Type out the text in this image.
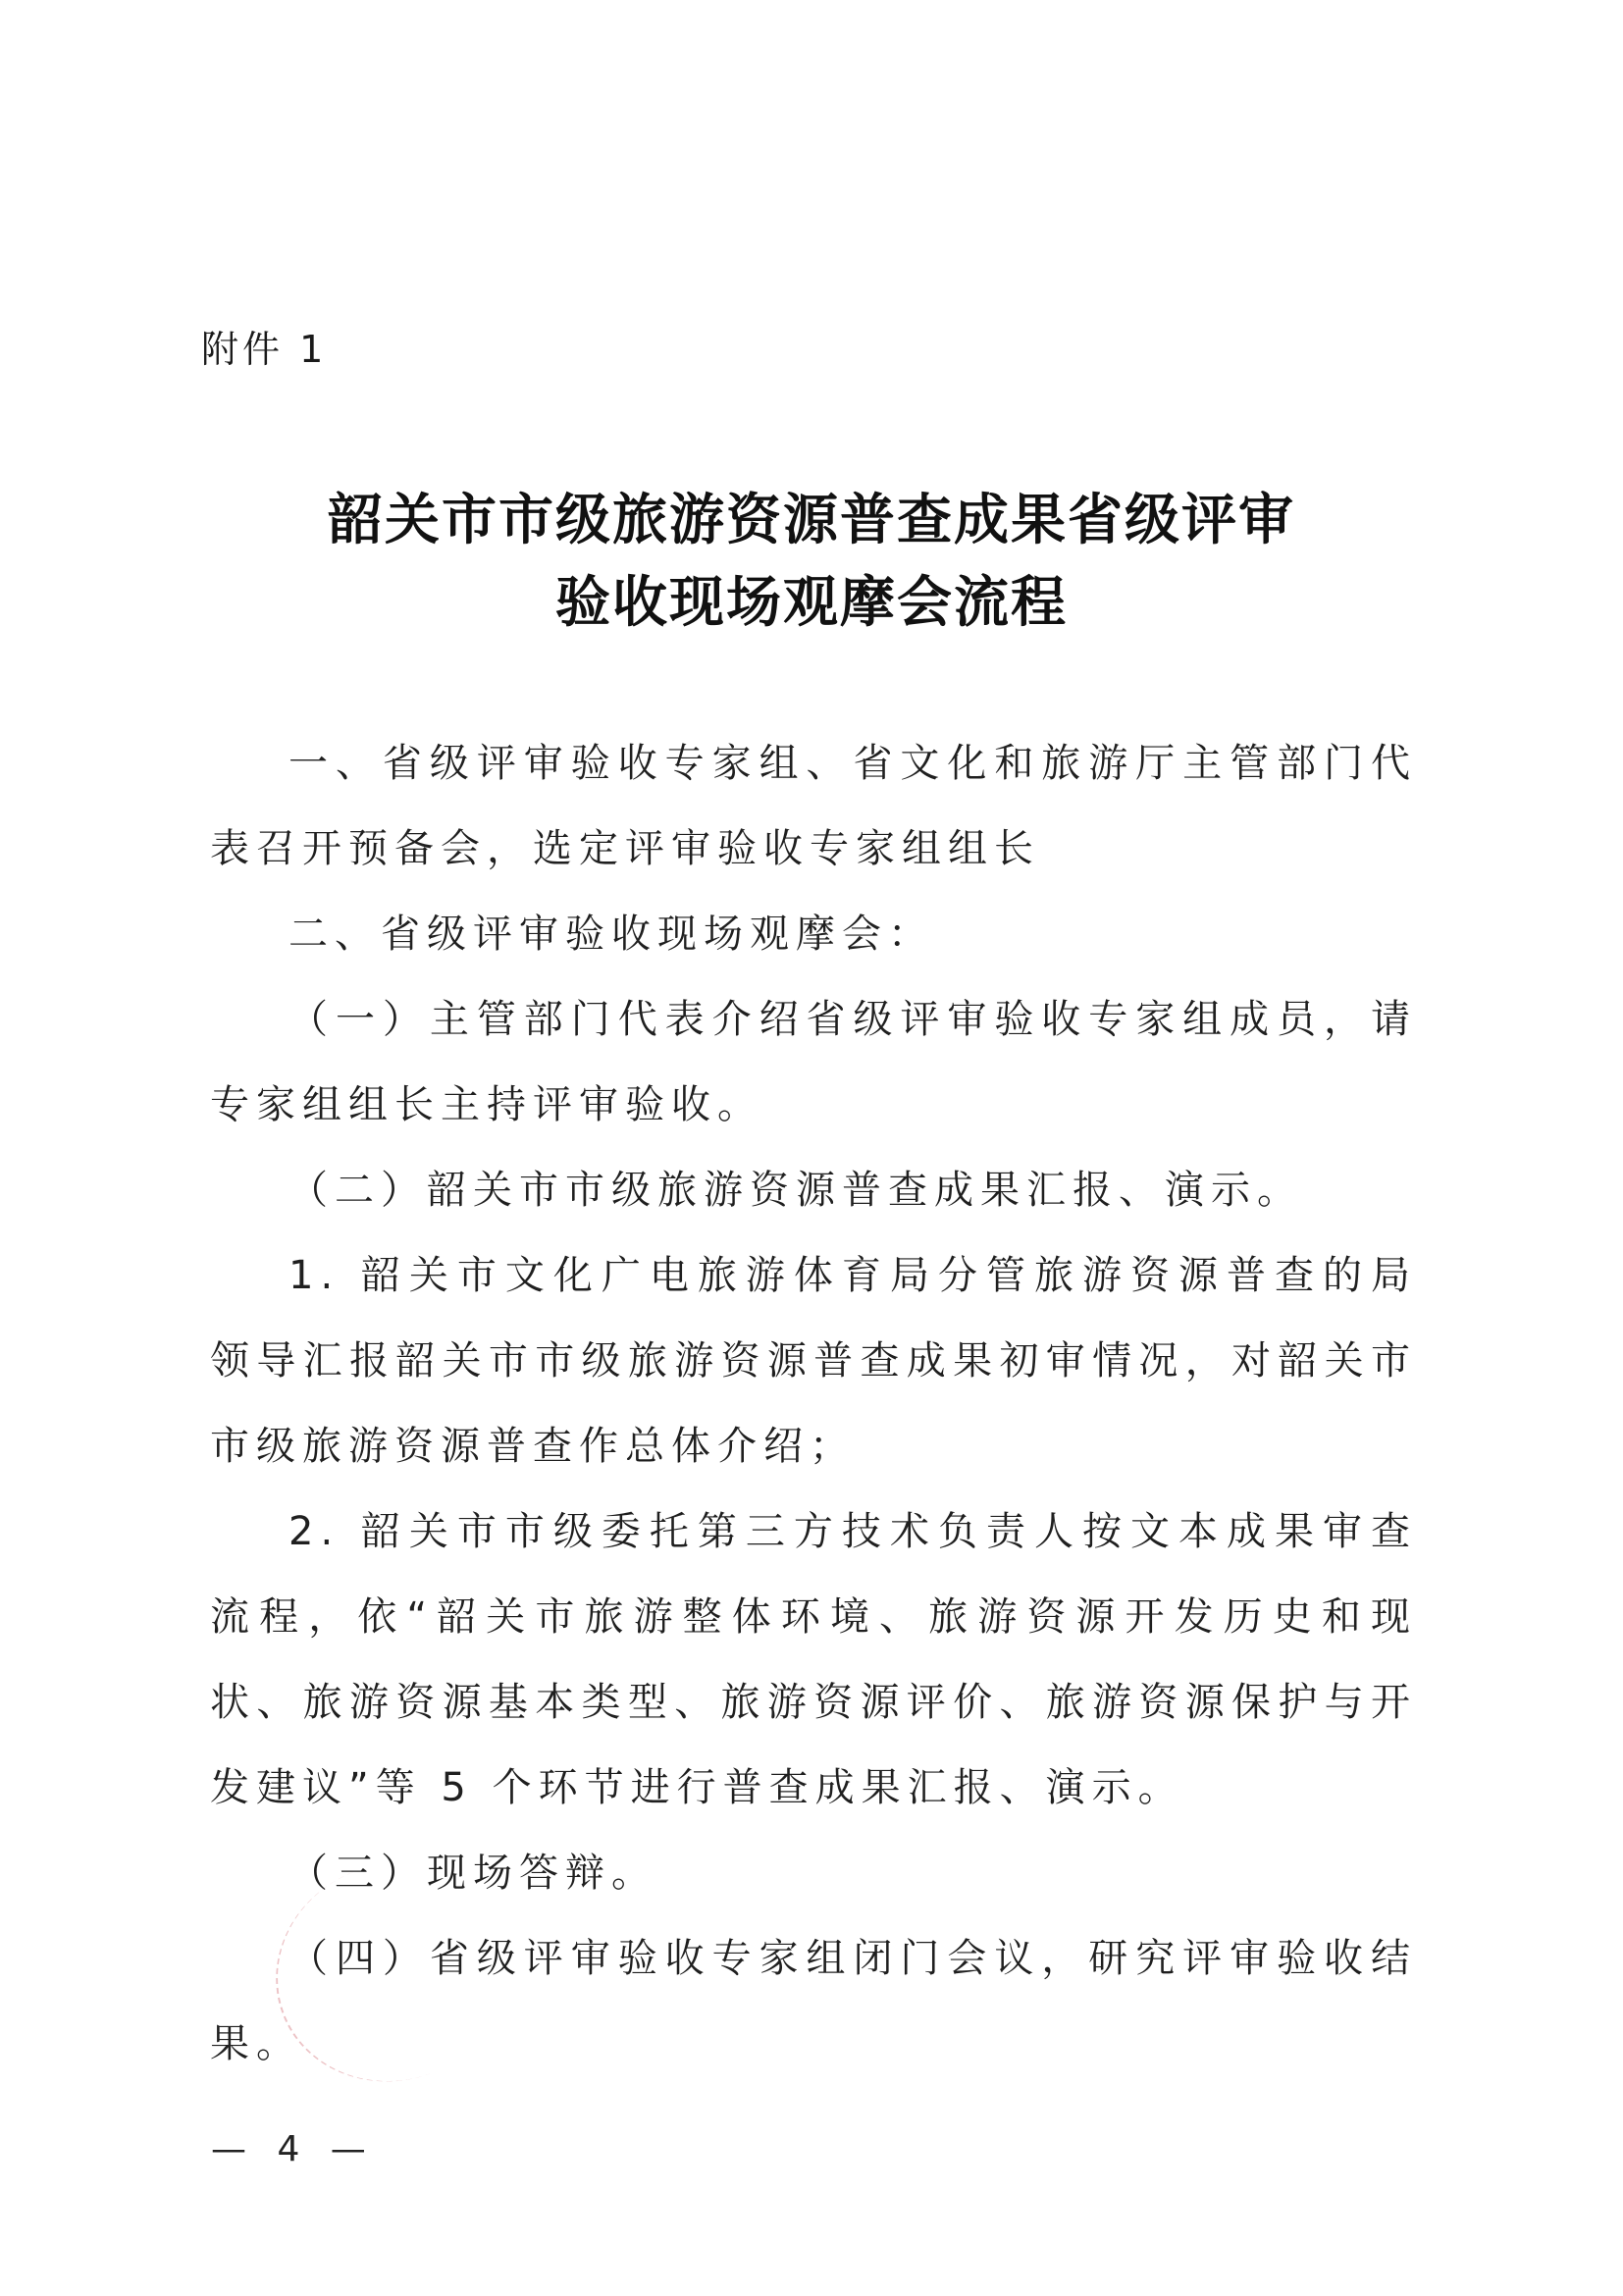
附件 1
韶关市市级旅游资源普查成果省级评审
验收现场观摩会流程

一、省级评审验收专家组、省文化和旅游厅主管部门代表召开预备会，选定评审验收专家组组长

二、省级评审验收现场观摩会：

（一）主管部门代表介绍省级评审验收专家组成员，请专家组组长主持评审验收。

（二）韶关市市级旅游资源普查成果汇报、演示。

1. 韶关市文化广电旅游体育局分管旅游资源普查的局领导汇报韶关市市级旅游资源普查成果初审情况，对韶关市市级旅游资源普查作总体介绍；

2. 韶关市市级委托第三方技术负责人按文本成果审查流程，依“韶关市旅游整体环境、旅游资源开发历史和现状、旅游资源基本类型、旅游资源评价、旅游资源保护与开发建议”等 5 个环节进行普查成果汇报、演示。

（三）现场答辩。

（四）省级评审验收专家组闭门会议，研究评审验收结果。

— 4 —
